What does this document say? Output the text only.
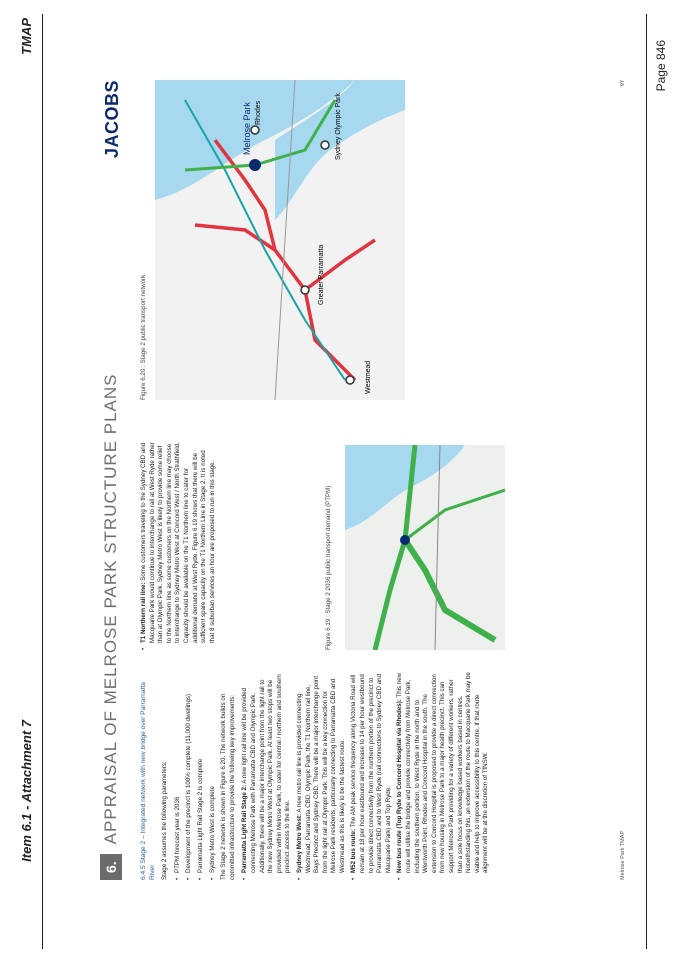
TMAP
Item 6.1 - Attachment 7
Page 846
6.
APPRAISAL OF MELROSE PARK STRUCTURE PLANS
JACOBS
6.4.5 Stage 2 – Integrated network with new bridge over Parramatta River Stage 2 assumes the following parameters: • PTPM forecast year is 2036 • Development of the precinct is 100% complete (11,000 dwellings) • Parramatta Light Rail Stage 2 is complete • Sydney Metro West is complete The Stage 2 network is shown in Figure 6.20. The network builds on committed infrastructure to provide the following key improvements: • Parramatta Light Rail Stage 2: A new light rail line will be provided connecting Melrose Park with Parramatta CBD and Olympic Park. Additionally, there will be a major interchange point from the light rail to the new Sydney Metro West at Olympic Park. At least two stops will be provided within Melrose Park, to cater for central / northern and southern precinct access to the line. • Sydney Metro West: A new metro rail line is provided connecting Westmead, Parramatta CBD, Olympic Park, the T1 Northern rail line, Bays Precinct and Sydney CBD. There will be a major interchange point from the light rail at Olympic Park. This will be a key connection for Melrose Park residents, particularly connecting to Parramatta CBD and Westmead as this is likely to be the fastest route. • M52 bus route: The AM peak service frequency along Victoria Road will remain at 18 per hour eastbound and increase to 14 per hour westbound to provide direct connectivity from the northern portion of the precinct to Parramatta CBD and to West Ryde (rail connections to Sydney CBD and Macquarie Park) and Top Ryde. • New bus route (Top Ryde to Concord Hospital via Rhodes): This new route will utilise the bridge and provide connectivity from Melrose Park, including the southern portion, to West Ryde in the north and to Wentworth Point, Rhodes and Concord Hospital in the south. The extension to Concord Hospital is proposed to provide a direct connection from new housing in Melrose Park to a major health precinct. This can support Melrose Park providing for a variety of different workers, rather than a sole focus on knowledge based workers based in centres. Notwithstanding this, an extension of the route to Macquarie Park may be viable and help to improve accessibility to this centre, if that route alignment will be at the discretion of TfNSW.
• T1 Northern rail line: Some customers traveling to the Sydney CBD and Macquarie Park would continue to interchange to rail at West Ryde rather than at Olympic Park. Sydney Metro West is likely to provide some relief to the Northern line as some customers on the Northern line may choose to interchange to Sydney Metro West at Concord West / North Strathfield. Capacity should be available on the T1 Northern line to cater for additional demand at West Ryde. Figure 6.19 shows that there will be sufficient spare capacity on the T1 Northern Line in Stage 2. It is noted that 8 suburban services an hour are proposed to run in this stage.	Figure 6.19 : Stage 2 2036 public transport demand (PTPM)
Figure 6.20 : Stage 2 public transport network	Westmead
Greater Parramatta
Melrose Park Rhodes	Sydney Olympic Park
Melrose Park TMAP
97
